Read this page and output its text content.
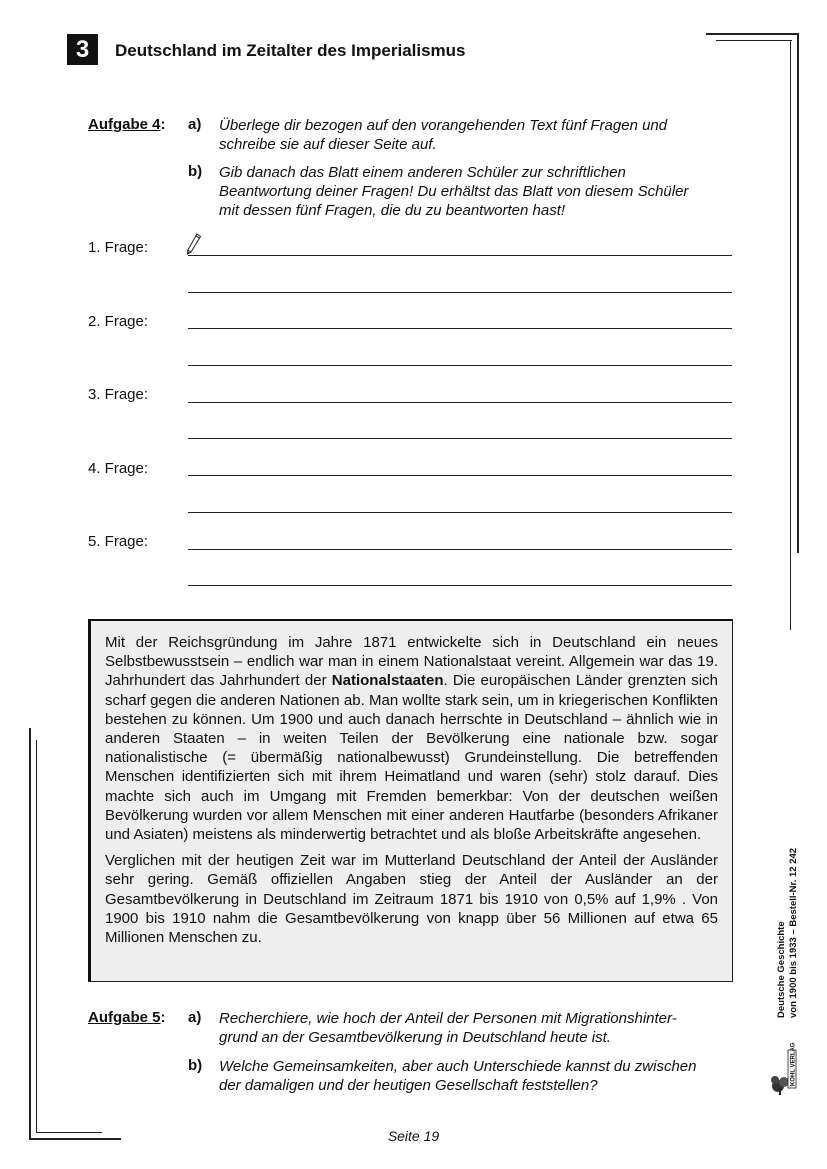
3	Deutschland im Zeitalter des Imperialismus
Aufgabe 4: a) Überlege dir bezogen auf den vorangehenden Text fünf Fragen und
schreibe sie auf dieser Seite auf.
b) Gib danach das Blatt einem anderen Schüler zur schriftlichen
Beantwortung deiner Fragen! Du erhältst das Blatt von diesem Schüler
mit dessen fünf Fragen, die du zu beantworten hast!
1. Frage:
2. Frage:
3. Frage:
4. Frage:
5. Frage:

Mit der Reichsgründung im Jahre 1871 entwickelte sich in Deutschland ein neues Selbstbewusstsein – endlich war man in einem Nationalstaat vereint. Allgemein war das 19. Jahrhundert das Jahrhundert der Nationalstaaten. Die europäischen Länder grenzten sich scharf gegen die anderen Nationen ab. Man wollte stark sein, um in kriegerischen Konflikten bestehen zu können. Um 1900 und auch danach herrschte in Deutschland – ähnlich wie in anderen Staaten – in weiten Teilen der Bevölkerung eine nationale bzw. sogar nationalistische (= übermäßig nationalbewusst) Grundeinstellung. Die betreffenden Menschen identifizierten sich mit ihrem Heimatland und waren (sehr) stolz darauf. Dies machte sich auch im Umgang mit Fremden bemerkbar: Von der deutschen weißen Bevölkerung wurden vor allem Menschen mit einer anderen Hautfarbe (besonders Afrikaner und Asiaten) meistens als minderwertig betrachtet und als bloße Arbeitskräfte angesehen.

Verglichen mit der heutigen Zeit war im Mutterland Deutschland der Anteil der Ausländer sehr gering. Gemäß offiziellen Angaben stieg der Anteil der Ausländer an der Gesamtbevölkerung in Deutschland im Zeitraum 1871 bis 1910 von 0,5% auf 1,9% . Von 1900 bis 1910 nahm die Gesamtbevölkerung von knapp über 56 Millionen auf etwa 65 Millionen Menschen zu.

Aufgabe 5: a) Recherchiere, wie hoch der Anteil der Personen mit Migrationshinter-
grund an der Gesamtbevölkerung in Deutschland heute ist.
b) Welche Gemeinsamkeiten, aber auch Unterschiede kannst du zwischen
der damaligen und der heutigen Gesellschaft feststellen?
Deutsche Geschichte von 1900 bis 1933 – Bestell-Nr. 12 242
KOHL VERLAG
Seite 19
